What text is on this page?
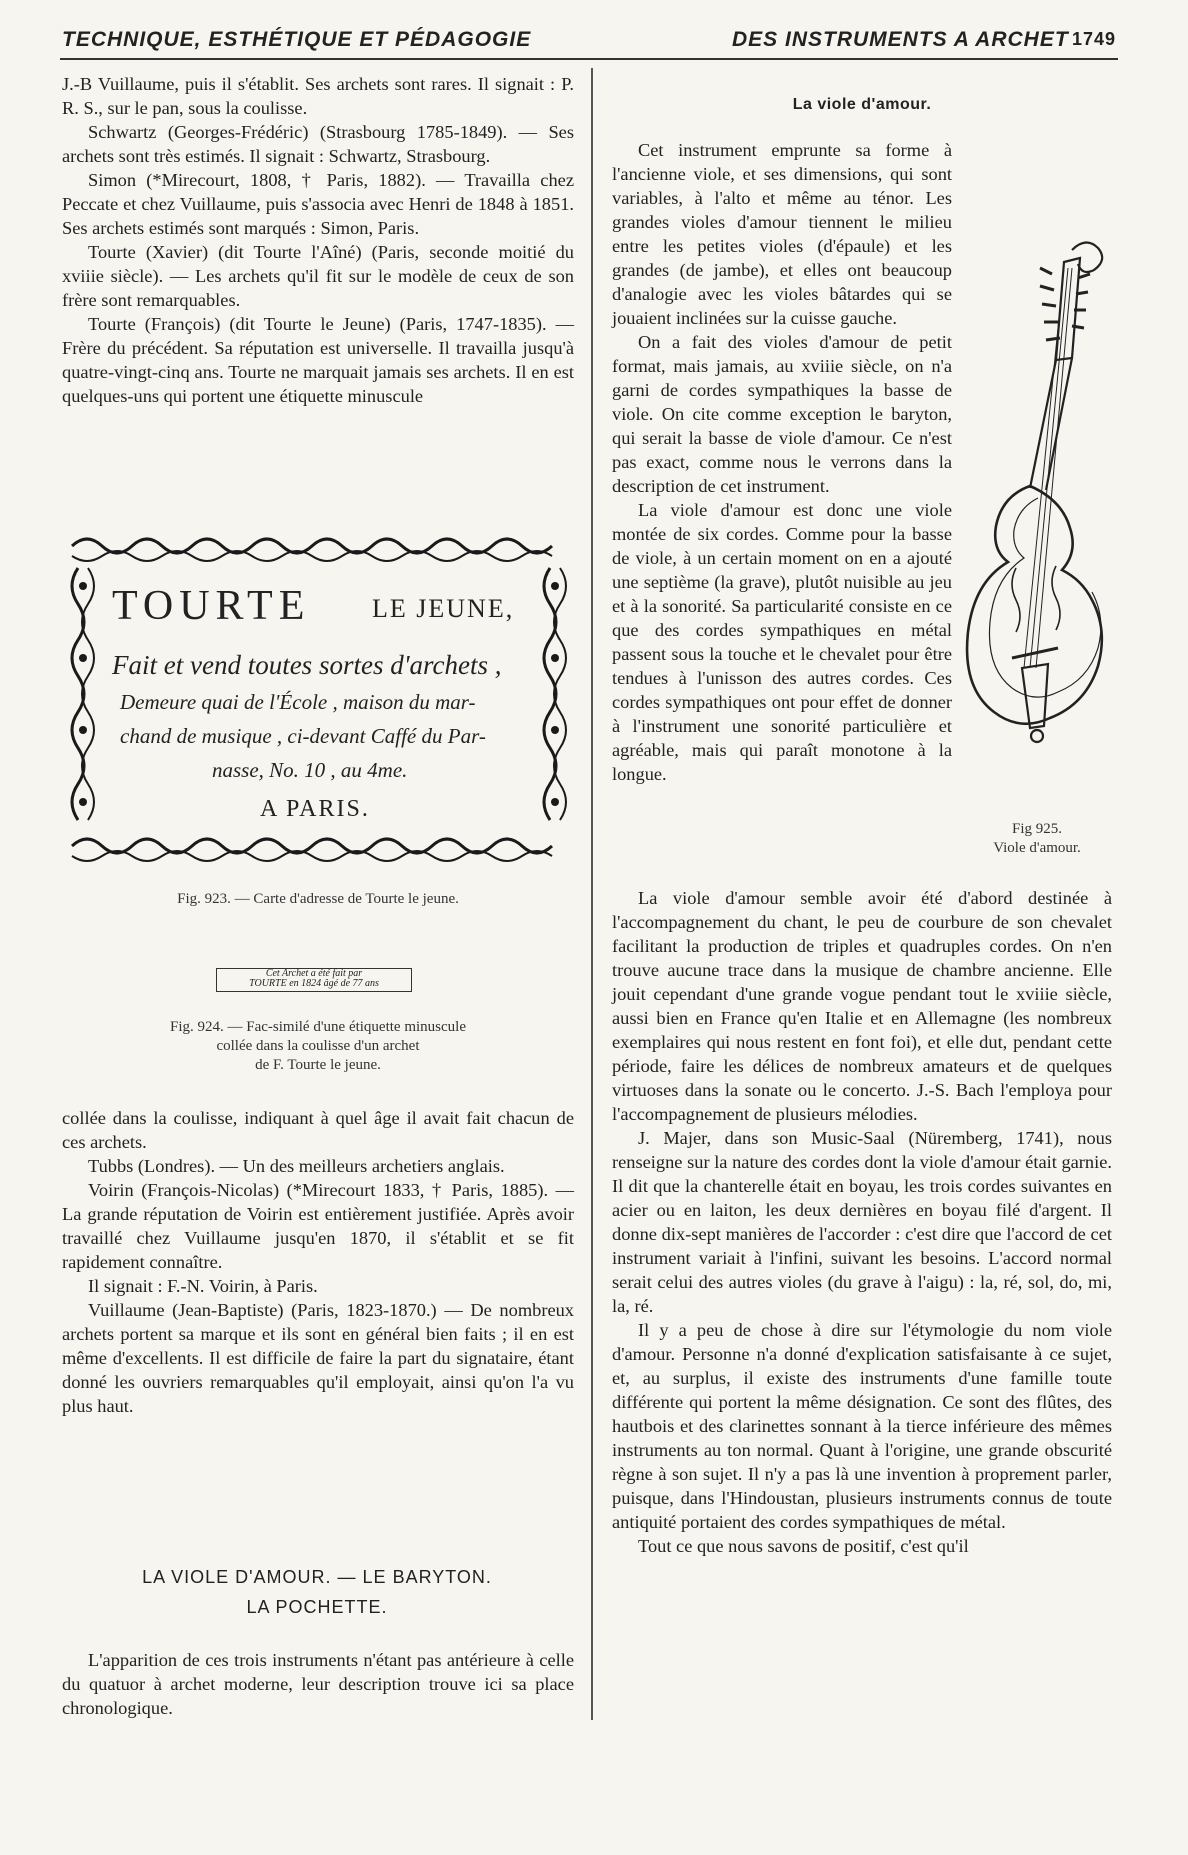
TECHNIQUE, ESTHÉTIQUE ET PÉDAGOGIE	DES INSTRUMENTS A ARCHET 1749

J.-B Vuillaume, puis il s'établit. Ses archets sont rares. Il signait : P. R. S., sur le pan, sous la coulisse.

Schwartz (Georges-Frédéric) (Strasbourg 1785-1849). — Ses archets sont très estimés. Il signait : Schwartz, Strasbourg.

Simon (*Mirecourt, 1808, † Paris, 1882). — Travailla chez Peccate et chez Vuillaume, puis s'associa avec Henri de 1848 à 1851. Ses archets estimés sont marqués : Simon, Paris.

Tourte (Xavier) (dit Tourte l'Aîné) (Paris, seconde moitié du xviiie siècle). — Les archets qu'il fit sur le modèle de ceux de son frère sont remarquables.

Tourte (François) (dit Tourte le Jeune) (Paris, 1747-1835). — Frère du précédent. Sa réputation est universelle. Il travailla jusqu'à quatre-vingt-cinq ans. Tourte ne marquait jamais ses archets. Il en est quelques-uns qui portent une étiquette minuscule

TOURTE LE JEUNE,
Fait et vend toutes sortes d'archets ,
Demeure quai de l'École , maison du mar-
chand de musique , ci-devant Caffé du Par-
nasse, No. 10 , au 4me.
A PARIS.
Fig. 923. — Carte d'adresse de Tourte le jeune.
Cet Archet a été fait par
TOURTE en 1824 âgé de 77 ans
Fig. 924. — Fac-similé d'une étiquette minuscule
collée dans la coulisse d'un archet
de F. Tourte le jeune.

collée dans la coulisse, indiquant à quel âge il avait fait chacun de ces archets.

Tubbs (Londres). — Un des meilleurs archetiers anglais.

Voirin (François-Nicolas) (*Mirecourt 1833, † Paris, 1885). — La grande réputation de Voirin est entièrement justifiée. Après avoir travaillé chez Vuillaume jusqu'en 1870, il s'établit et se fit rapidement connaître.

Il signait : F.-N. Voirin, à Paris.

Vuillaume (Jean-Baptiste) (Paris, 1823-1870.) — De nombreux archets portent sa marque et ils sont en général bien faits ; il en est même d'excellents. Il est difficile de faire la part du signataire, étant donné les ouvriers remarquables qu'il employait, ainsi qu'on l'a vu plus haut.

LA VIOLE D'AMOUR. — LE BARYTON.
LA POCHETTE.

L'apparition de ces trois instruments n'étant pas antérieure à celle du quatuor à archet moderne, leur description trouve ici sa place chronologique.

La viole d'amour.

Cet instrument emprunte sa forme à l'ancienne viole, et ses dimensions, qui sont variables, à l'alto et même au ténor. Les grandes violes d'amour tiennent le milieu entre les petites violes (d'épaule) et les grandes (de jambe), et elles ont beaucoup d'analogie avec les violes bâtardes qui se jouaient inclinées sur la cuisse gauche.

On a fait des violes d'amour de petit format, mais jamais, au xviiie siècle, on n'a garni de cordes sympathiques la basse de viole. On cite comme exception le baryton, qui serait la basse de viole d'amour. Ce n'est pas exact, comme nous le verrons dans la description de cet instrument.

La viole d'amour est donc une viole montée de six cordes. Comme pour la basse de viole, à un certain moment on en a ajouté une septième (la grave), plutôt nuisible au jeu et à la sonorité. Sa particularité consiste en ce que des cordes sympathiques en métal passent sous la touche et le chevalet pour être tendues à l'unisson des autres cordes. Ces cordes sympathiques ont pour effet de donner à l'instrument une sonorité particulière et agréable, mais qui paraît monotone à la longue.

Fig 925.
Viole d'amour.

La viole d'amour semble avoir été d'abord destinée à l'accompagnement du chant, le peu de courbure de son chevalet facilitant la production de triples et quadruples cordes. On n'en trouve aucune trace dans la musique de chambre ancienne. Elle jouit cependant d'une grande vogue pendant tout le xviiie siècle, aussi bien en France qu'en Italie et en Allemagne (les nombreux exemplaires qui nous restent en font foi), et elle dut, pendant cette période, faire les délices de nombreux amateurs et de quelques virtuoses dans la sonate ou le concerto. J.-S. Bach l'employa pour l'accompagnement de plusieurs mélodies.

J. Majer, dans son Music-Saal (Nüremberg, 1741), nous renseigne sur la nature des cordes dont la viole d'amour était garnie. Il dit que la chanterelle était en boyau, les trois cordes suivantes en acier ou en laiton, les deux dernières en boyau filé d'argent. Il donne dix-sept manières de l'accorder : c'est dire que l'accord de cet instrument variait à l'infini, suivant les besoins. L'accord normal serait celui des autres violes (du grave à l'aigu) : la, ré, sol, do, mi, la, ré.

Il y a peu de chose à dire sur l'étymologie du nom viole d'amour. Personne n'a donné d'explication satisfaisante à ce sujet, et, au surplus, il existe des instruments d'une famille toute différente qui portent la même désignation. Ce sont des flûtes, des hautbois et des clarinettes sonnant à la tierce inférieure des mêmes instruments au ton normal. Quant à l'origine, une grande obscurité règne à son sujet. Il n'y a pas là une invention à proprement parler, puisque, dans l'Hindoustan, plusieurs instruments connus de toute antiquité portaient des cordes sympathiques de métal.

Tout ce que nous savons de positif, c'est qu'il
